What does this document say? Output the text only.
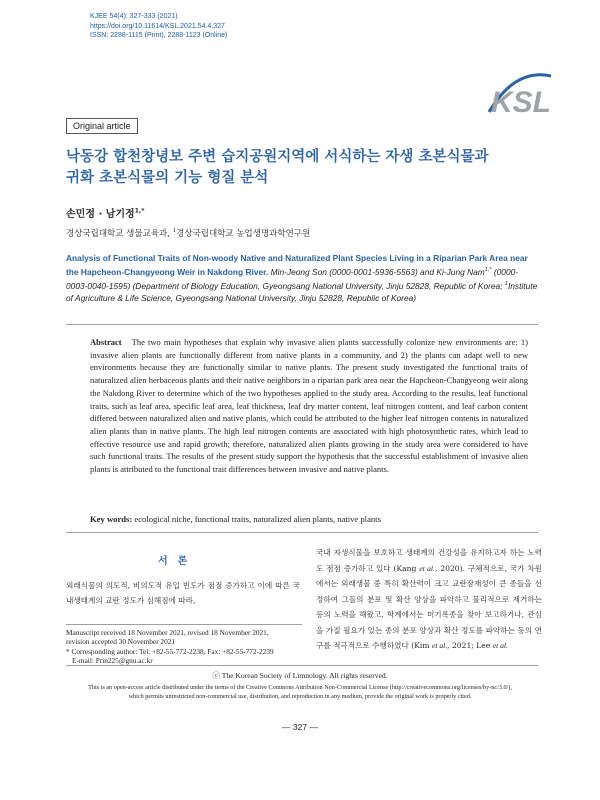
KJEE 54(4): 327-333 (2021)
https://doi.org/10.11614/KSL.2021.54.4.327
ISSN: 2288-1115 (Print), 2288-1123 (Online)
KSL
Original article
낙동강 합천창녕보 주변 습지공원지역에 서식하는 자생 초본식물과
귀화 초본식물의 기능 형질 분석
손민정 · 남기정$^{1,*}$
경상국립대학교 생물교육과, $^1$경상국립대학교 농업생명과학연구원
Analysis of Functional Traits of Non-woody Native and Naturalized Plant Species Living in a Riparian Park Area near the Hapcheon-Changyeong Weir in Nakdong River. Min-Jeong Son (0000-0001-5936-5563) and Ki-Jung Nam$^{1,*}$ (0000-0003-0040-1595) (Department of Biology Education, Gyeongsang National University, Jinju 52828, Republic of Korea; $^1$Institute of Agriculture & Life Science, Gyeongsang National University, Jinju 52828, Republic of Korea)
Abstract The two main hypotheses that explain why invasive alien plants successfully colonize new environments are: 1) invasive alien plants are functionally different from native plants in a community, and 2) the plants can adapt well to new environments because they are functionally similar to native plants. The present study investigated the functional traits of naturalized alien herbaceous plants and their native neighbors in a riparian park area near the Hapcheon-Changyeong weir along the Nakdong River to determine which of the two hypotheses applied to the study area. According to the results, leaf functional traits, such as leaf area, specific leaf area, leaf thickness, leaf dry matter content, leaf nitrogen content, and leaf carbon content differed between naturalized alien and native plants, which could be attributed to the higher leaf nitrogen contents in naturalized alien plants than in native plants. The high leaf nitrogen contents are associated with high photosynthetic rates, which lead to effective resource use and rapid growth; therefore, naturalized alien plants growing in the study area were considered to have such functional traits. The results of the present study support the hypothesis that the successful establishment of invasive alien plants is attributed to the functional trait differences between invasive and native plants.
Key words: ecological niche, functional traits, naturalized alien plants, native plants
서론
외래식물의 의도적, 비의도적 유입 빈도가 점점 증가하고 이에 따른 국내생태계의 교란 정도가 심해짐에 따라,
국내 자생식물을 보호하고 생태계의 건강성을 유지하고자 하는 노력도 점점 증가하고 있다 (Kang et al., 2020). 구체적으로, 국가 차원에서는 외래생물 중 특히 확산력이 크고 교란잠재성이 큰 종들을 선정하여 그들의 분포 및 확산 양상을 파악하고 물리적으로 제거하는 등의 노력을 해왔고, 학계에서는 미기록종을 찾아 보고하거나, 관심을 가질 필요가 있는 종의 분포 양상과 확산 정도를 파악하는 등의 연구를 적극적으로 수행하였다 (Kim et al., 2021; Lee et al.
Manuscript received 18 November 2021, revised 18 November 2021,
revision accepted 30 November 2021
* Corresponding author: Tel: +82-55-772-2238, Fax: +82-55-772-2239
E-mail: Prin225@gnu.ac.kr
ⓒ The Korean Society of Limnology. All rights reserved.
This is an open-access article distributed under the terms of the Creative Commons Attribution Non-Commercial License (http://creativecommons.org/licenses/by-nc/3.0/),
which permits unrestricted non-commercial use, distribution, and reproduction in any medium, provide the original work is properly cited.
― 327 ―
